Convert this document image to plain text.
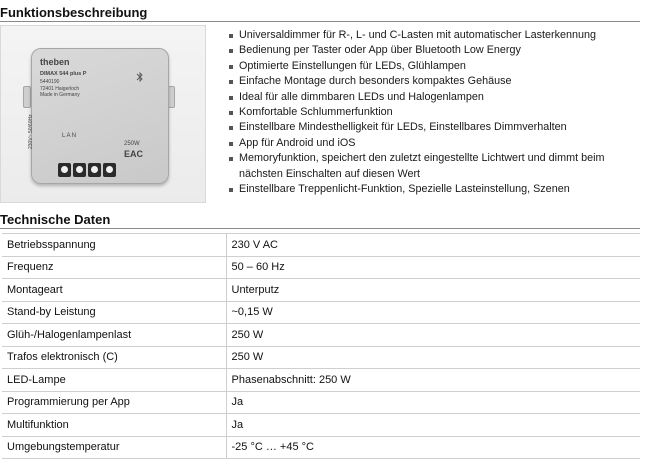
Funktionsbeschreibung
theben
DIMAX 544 plus P
5440190
72401 Haigerloch
Made in Germany
230V~ 50/60Hz	L A N
250W
EAC
Universaldimmer für R-, L- und C-Lasten mit automatischer Lasterkennung
Bedienung per Taster oder App über Bluetooth Low Energy
Optimierte Einstellungen für LEDs, Glühlampen
Einfache Montage durch besonders kompaktes Gehäuse
Ideal für alle dimmbaren LEDs und Halogenlampen
Komfortable Schlummerfunktion
Einstellbare Mindesthelligkeit für LEDs, Einstellbares Dimmverhalten
App für Android und iOS
Memoryfunktion, speichert den zuletzt eingestellte Lichtwert und dimmt beim nächsten Einschalten auf diesen Wert
Einstellbare Treppenlicht-Funktion, Spezielle Lasteinstellung, Szenen
Technische Daten
Betriebsspannung	230 V AC
Frequenz	50 – 60 Hz
Montageart	Unterputz
Stand-by Leistung	~0,15 W
Glüh-/Halogenlampenlast	250 W
Trafos elektronisch (C)	250 W
LED-Lampe	Phasenabschnitt: 250 W
Programmierung per App	Ja
Multifunktion	Ja
Umgebungstemperatur	-25 °C … +45 °C
